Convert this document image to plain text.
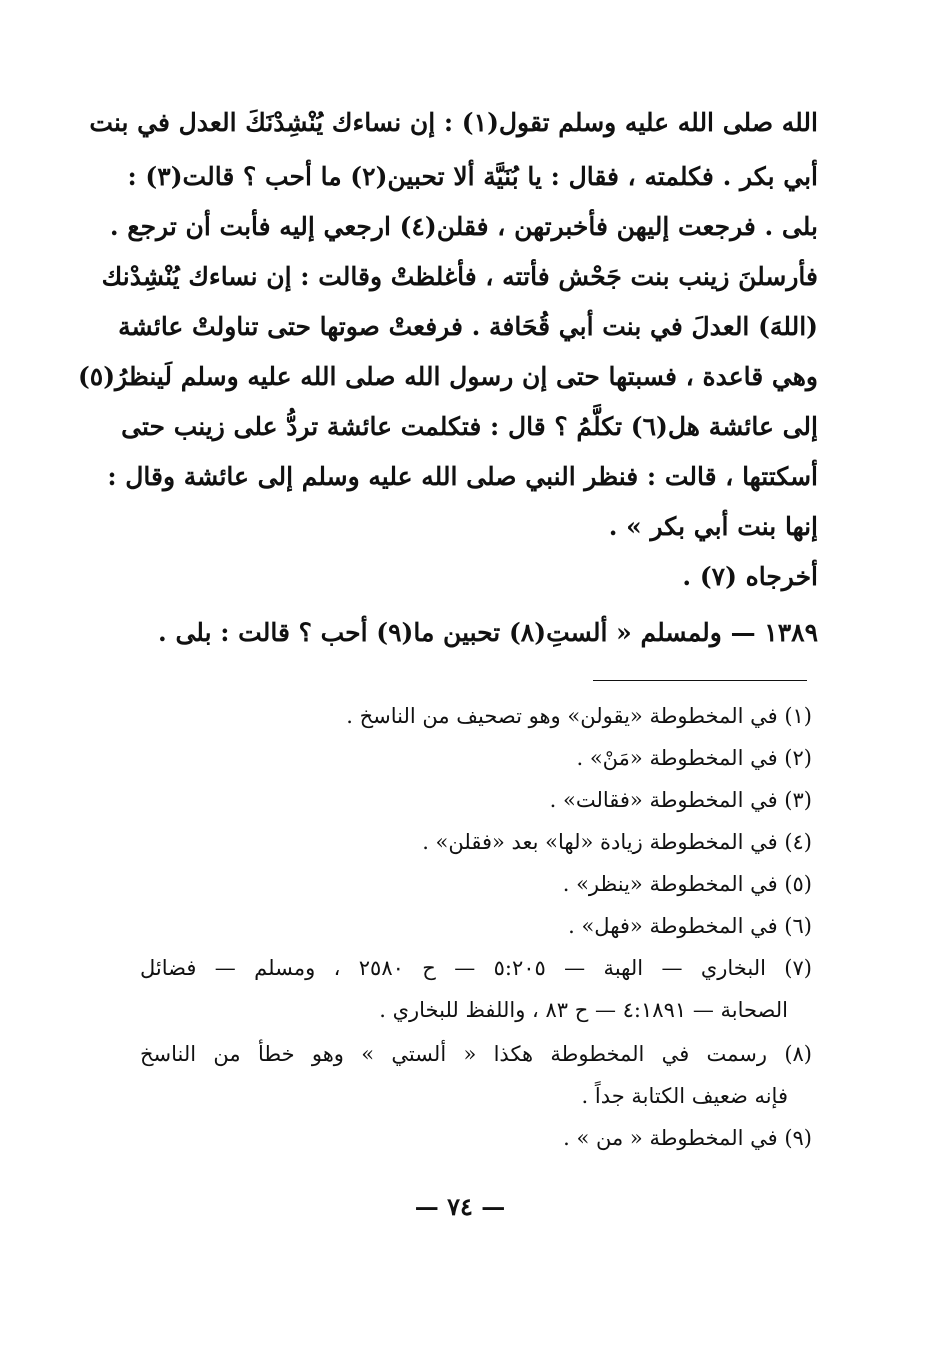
الله صلى الله عليه وسلم تقول(١) : إن نساءك يُنْشِدْنَكَ العدل في بنت
أبي بكر . فكلمته ، فقال : يا بُنَيَّة ألا تحبين(٢) ما أحب ؟ قالت(٣) :
بلى . فرجعت إليهن فأخبرتهن ، فقلن(٤) ارجعي إليه فأبت أن ترجع .
فأرسلنَ زينب بنت جَحْش فأتته ، فأغلظتْ وقالت : إن نساءك يُنْشِدْنك
(اللهَ) العدلَ في بنت أبي قُحَافة . فرفعتْ صوتها حتى تناولتْ عائشة
وهي قاعدة ، فسبتها حتى إن رسول الله صلى الله عليه وسلم لَينظرُ(٥)
إلى عائشة هل(٦) تكلَّمُ ؟ قال : فتكلمت عائشة تردُّ على زينب حتى
أسكتتها ، قالت : فنظر النبي صلى الله عليه وسلم إلى عائشة وقال :
إنها بنت أبي بكر » .
أخرجاه (٧) .
١٣٨٩ — ولمسلم « ألستِ(٨) تحبين ما(٩) أحب ؟ قالت : بلى .
(١) في المخطوطة «يقولن» وهو تصحيف من الناسخ .
(٢) في المخطوطة «مَنْ» .
(٣) في المخطوطة «فقالت» .
(٤) في المخطوطة زيادة «لها» بعد «فقلن» .
(٥) في المخطوطة «ينظر» .
(٦) في المخطوطة «فهل» .
(٧) البخاري — الهبة — ٥:٢٠٥ — ح ٢٥٨٠ ، ومسلم — فضائل
الصحابة — ٤:١٨٩١ — ح ٨٣ ، واللفظ للبخاري .
(٨) رسمت في المخطوطة هكذا « ألستي » وهو خطأ من الناسخ
فإنه ضعيف الكتابة جداً .
(٩) في المخطوطة « من » .
— ٧٤ —
